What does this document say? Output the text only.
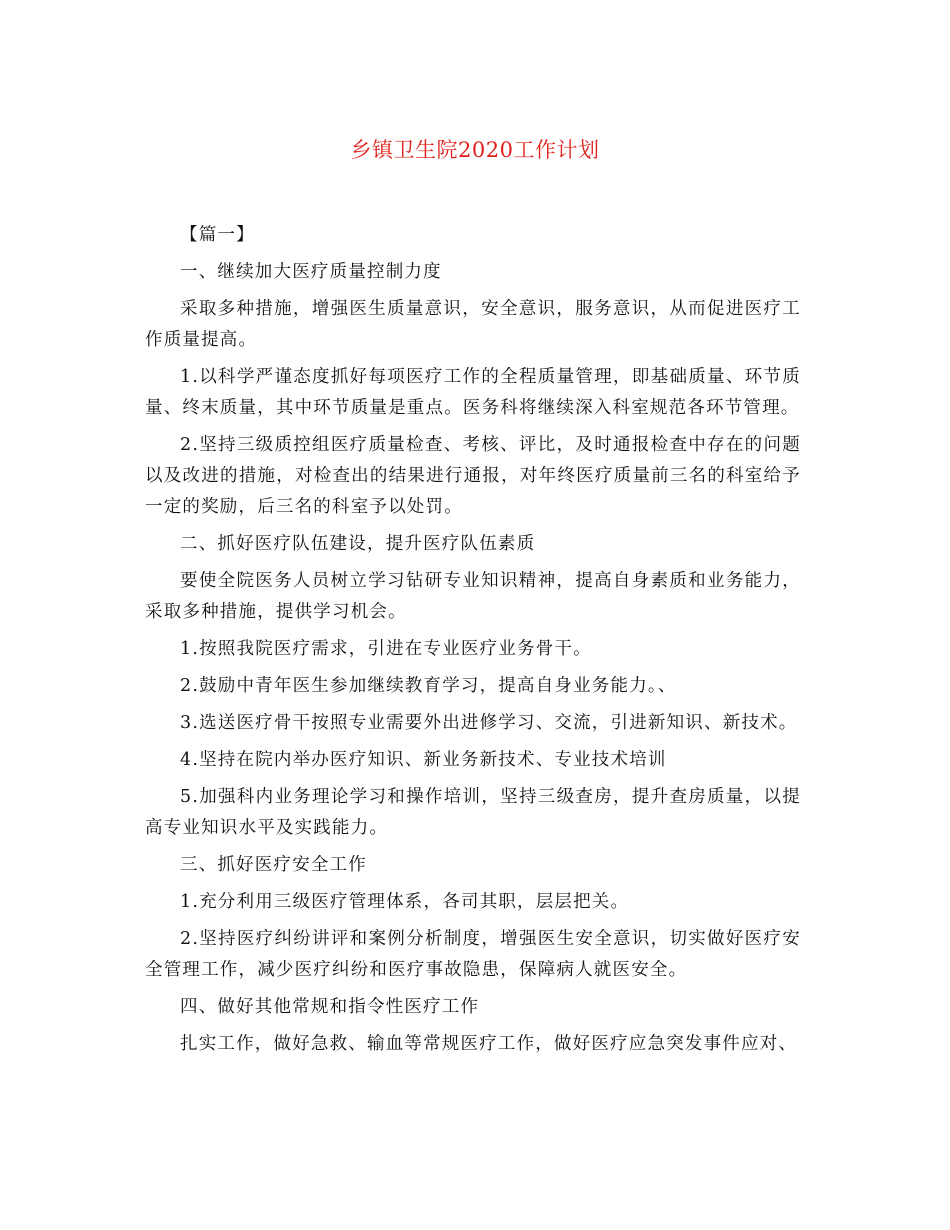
乡镇卫生院2020工作计划

【篇一】

一、继续加大医疗质量控制力度

采取多种措施，增强医生质量意识，安全意识，服务意识，从而促进医疗工作质量提高。

1.以科学严谨态度抓好每项医疗工作的全程质量管理，即基础质量、环节质量、终末质量，其中环节质量是重点。医务科将继续深入科室规范各环节管理。

2.坚持三级质控组医疗质量检查、考核、评比，及时通报检查中存在的问题以及改进的措施，对检查出的结果进行通报，对年终医疗质量前三名的科室给予一定的奖励，后三名的科室予以处罚。

二、抓好医疗队伍建设，提升医疗队伍素质

要使全院医务人员树立学习钻研专业知识精神，提高自身素质和业务能力，采取多种措施，提供学习机会。

1.按照我院医疗需求，引进在专业医疗业务骨干。

2.鼓励中青年医生参加继续教育学习，提高自身业务能力。、

3.选送医疗骨干按照专业需要外出进修学习、交流，引进新知识、新技术。

4.坚持在院内举办医疗知识、新业务新技术、专业技术培训

5.加强科内业务理论学习和操作培训，坚持三级查房，提升查房质量，以提高专业知识水平及实践能力。

三、抓好医疗安全工作

1.充分利用三级医疗管理体系，各司其职，层层把关。

2.坚持医疗纠纷讲评和案例分析制度，增强医生安全意识，切实做好医疗安全管理工作，减少医疗纠纷和医疗事故隐患，保障病人就医安全。

四、做好其他常规和指令性医疗工作

扎实工作，做好急救、输血等常规医疗工作，做好医疗应急突发事件应对、
